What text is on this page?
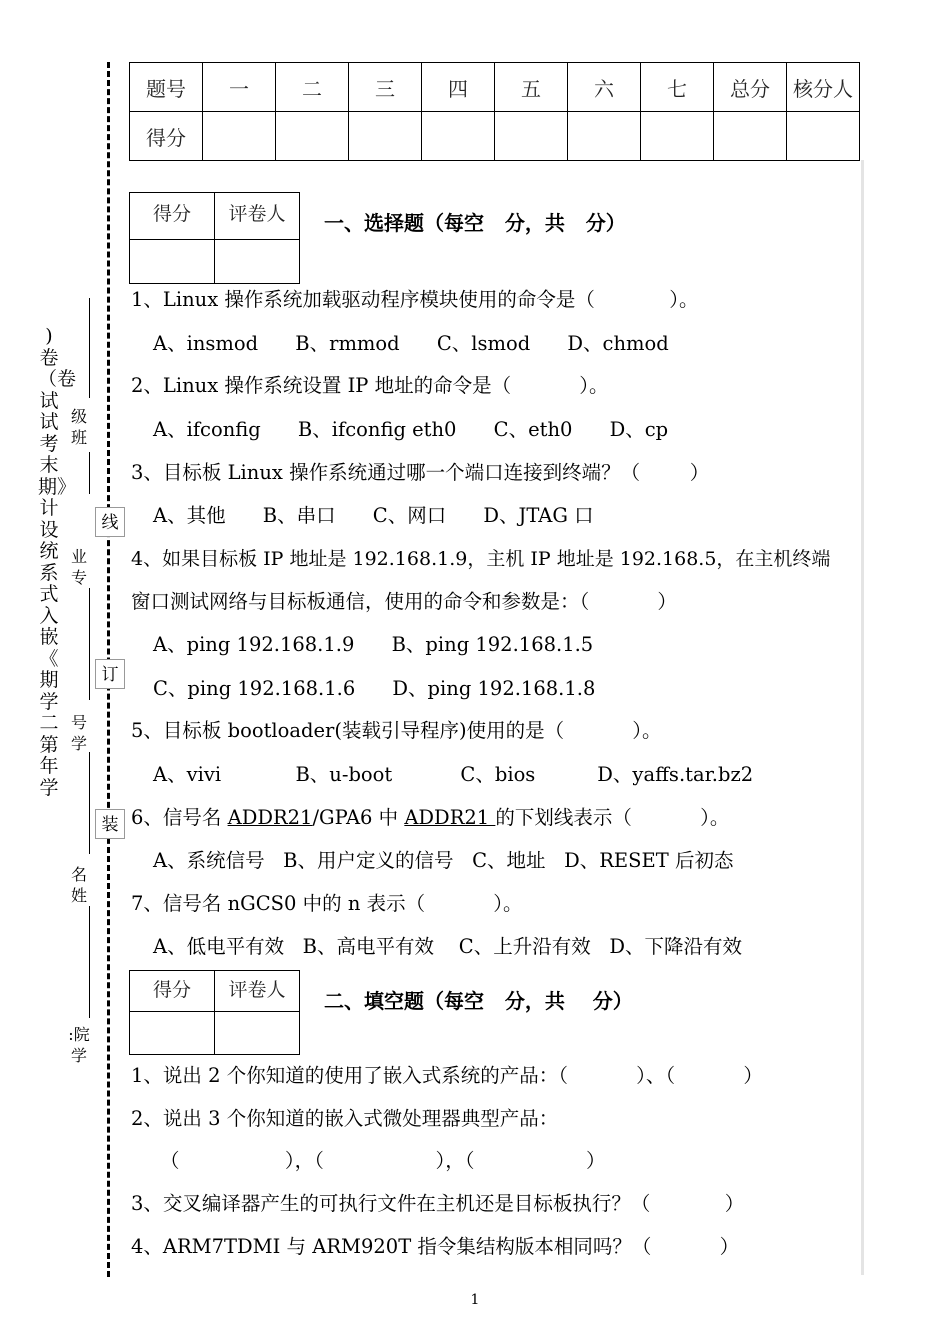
)卷（卷试试考末期》计设统系式入嵌《  期学二第年学
级班
业专
号学
名姓
:院学
线
订
装
题号	一	二	三	四	五	六	七	总分	核分人
得分									
得分	评卷人
	一、选择题（每空   分，共   分）
1、Linux 操作系统加载驱动程序模块使用的命令是（            ）。
A、insmod      B、rmmod      C、lsmod      D、chmod
2、Linux 操作系统设置 IP 地址的命令是（           ）。
A、ifconfig      B、ifconfig eth0      C、eth0      D、cp
3、目标板 Linux 操作系统通过哪一个端口连接到终端？（        ）
A、其他      B、串口      C、网口      D、JTAG 口
4、如果目标板 IP 地址是 192.168.1.9，主机 IP 地址是 192.168.5，在主机终端
窗口测试网络与目标板通信，使用的命令和参数是：（           ）
A、ping 192.168.1.9      B、ping 192.168.1.5
C、ping 192.168.1.6      D、ping 192.168.1.8
5、目标板 bootloader(装载引导程序)使用的是（           ）。
A、vivi            B、u-boot           C、bios          D、yaffs.tar.bz2
6、信号名 ADDR21/GPA6 中 ADDR21 的下划线表示（           ）。
A、系统信号   B、用户定义的信号   C、地址   D、RESET 后初态
7、信号名 nGCS0 中的 n 表示（           ）。
A、低电平有效   B、高电平有效    C、上升沿有效   D、下降沿有效
得分	评卷人
	二、填空题（每空   分，共    分）
1、说出 2 个你知道的使用了嵌入式系统的产品：（           ）、（           ）
2、说出 3 个你知道的嵌入式微处理器典型产品：
（                 ），（                  ），（                  ）
3、交叉编译器产生的可执行文件在主机还是目标板执行？（            ）
4、ARM7TDMI 与 ARM920T 指令集结构版本相同吗？（           ）
1
